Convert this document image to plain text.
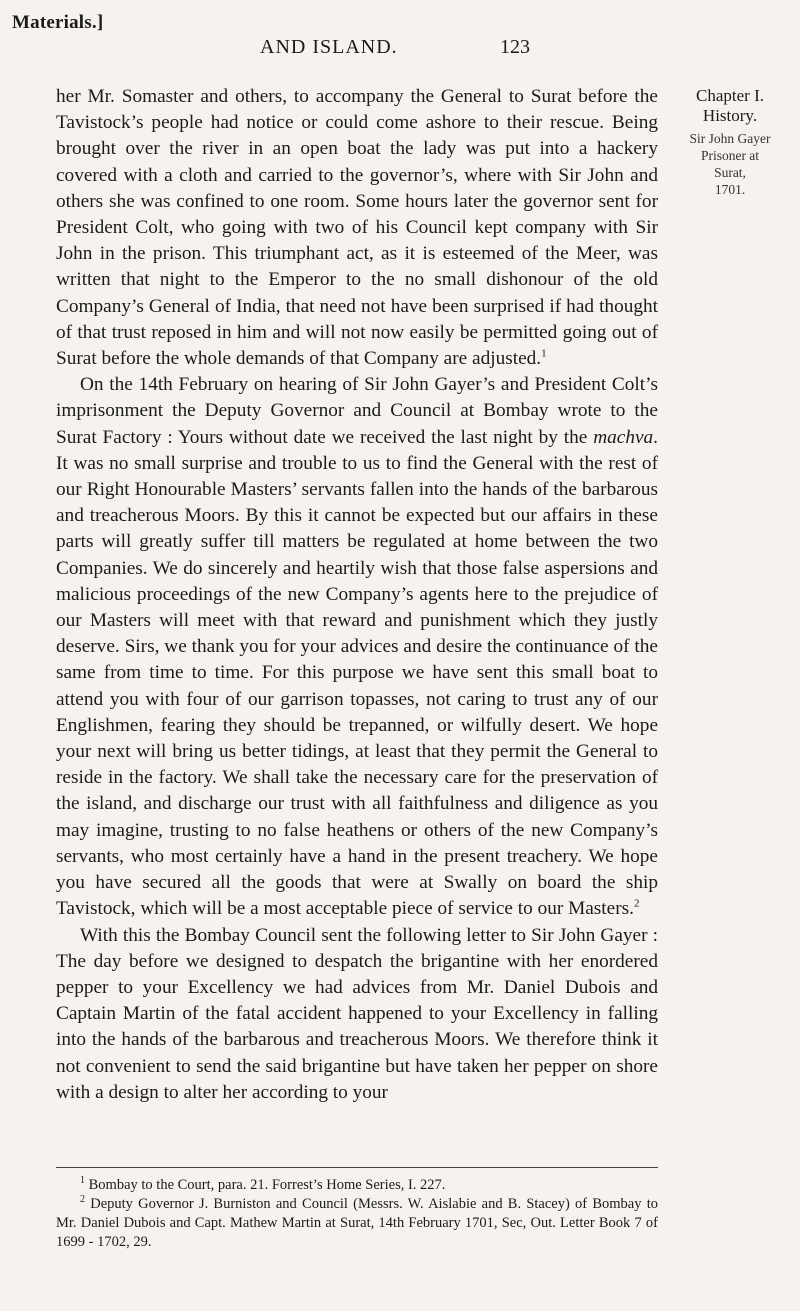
Materials.]
AND ISLAND.	123
Chapter I.
History.
Sir John Gayer
Prisoner at
Surat,
1701.

her Mr. Somaster and others, to accompany the General to Surat before the Tavistock’s people had notice or could come ashore to their rescue. Being brought over the river in an open boat the lady was put into a hackery covered with a cloth and carried to the governor’s, where with Sir John and others she was confined to one room. Some hours later the governor sent for President Colt, who going with two of his Council kept company with Sir John in the prison. This triumphant act, as it is esteemed of the Meer, was written that night to the Emperor to the no small dishonour of the old Company’s General of India, that need not have been surprised if had thought of that trust reposed in him and will not now easily be permitted going out of Surat before the whole demands of that Company are adjusted.$^1$

On the 14th February on hearing of Sir John Gayer’s and President Colt’s imprisonment the Deputy Governor and Council at Bombay wrote to the Surat Factory : Yours without date we received the last night by the machva. It was no small surprise and trouble to us to find the General with the rest of our Right Honourable Masters’ servants fallen into the hands of the barbarous and treacherous Moors. By this it cannot be expected but our affairs in these parts will greatly suffer till matters be regulated at home between the two Companies. We do sincerely and heartily wish that those false aspersions and malicious proceedings of the new Company’s agents here to the prejudice of our Masters will meet with that reward and punishment which they justly deserve. Sirs, we thank you for your advices and desire the continuance of the same from time to time. For this purpose we have sent this small boat to attend you with four of our garrison topasses, not caring to trust any of our Englishmen, fearing they should be trepanned, or wilfully desert. We hope your next will bring us better tidings, at least that they permit the General to reside in the factory. We shall take the necessary care for the preservation of the island, and discharge our trust with all faithfulness and diligence as you may imagine, trusting to no false heathens or others of the new Company’s servants, who most certainly have a hand in the present treachery. We hope you have secured all the goods that were at Swally on board the ship Tavistock, which will be a most acceptable piece of service to our Masters.$^2$

With this the Bombay Council sent the following letter to Sir John Gayer : The day before we designed to despatch the brigantine with her enordered pepper to your Excellency we had advices from Mr. Daniel Dubois and Captain Martin of the fatal accident happened to your Excellency in falling into the hands of the barbarous and treacherous Moors. We therefore think it not convenient to send the said brigantine but have taken her pepper on shore with a design to alter her according to your

$^1$ Bombay to the Court, para. 21. Forrest’s Home Series, I. 227.

$^2$ Deputy Governor J. Burniston and Council (Messrs. W. Aislabie and B. Stacey) of Bombay to Mr. Daniel Dubois and Capt. Mathew Martin at Surat, 14th February 1701, Sec, Out. Letter Book 7 of 1699 - 1702, 29.
